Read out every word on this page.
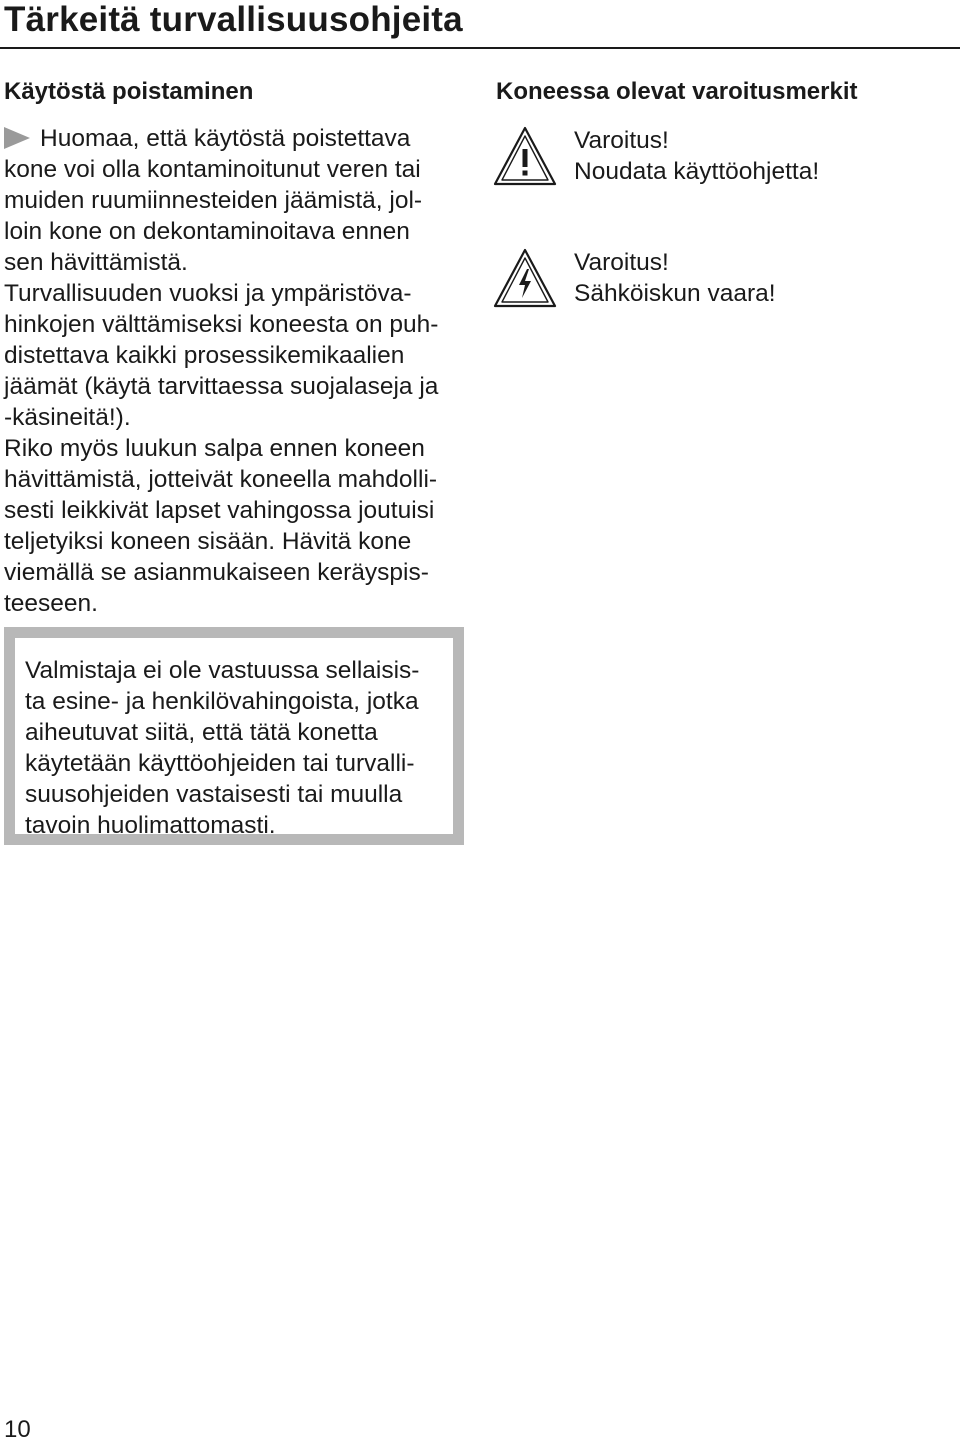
Tärkeitä turvallisuusohjeita
Käytöstä poistaminen
Huomaa, että käytöstä poistettava
kone voi olla kontaminoitunut veren tai
muiden ruumiinnesteiden jäämistä, jol-
loin kone on dekontaminoitava ennen
sen hävittämistä.
Turvallisuuden vuoksi ja ympäristöva-
hinkojen välttämiseksi koneesta on puh-
distettava kaikki prosessikemikaalien
jäämät (käytä tarvittaessa suojalaseja ja
-käsineitä!).
Riko myös luukun salpa ennen koneen
hävittämistä, jotteivät koneella mahdolli-
sesti leikkivät lapset vahingossa joutuisi
teljetyiksi koneen sisään. Hävitä kone
viemällä se asianmukaiseen keräyspis-
teeseen.
Valmistaja ei ole vastuussa sellaisis-
ta esine- ja henkilövahingoista, jotka
aiheutuvat siitä, että tätä konetta
käytetään käyttöohjeiden tai turvalli-
suusohjeiden vastaisesti tai muulla
tavoin huolimattomasti.
Koneessa olevat varoitusmerkit
Varoitus!
Noudata käyttöohjetta!
Varoitus!
Sähköiskun vaara!
10
